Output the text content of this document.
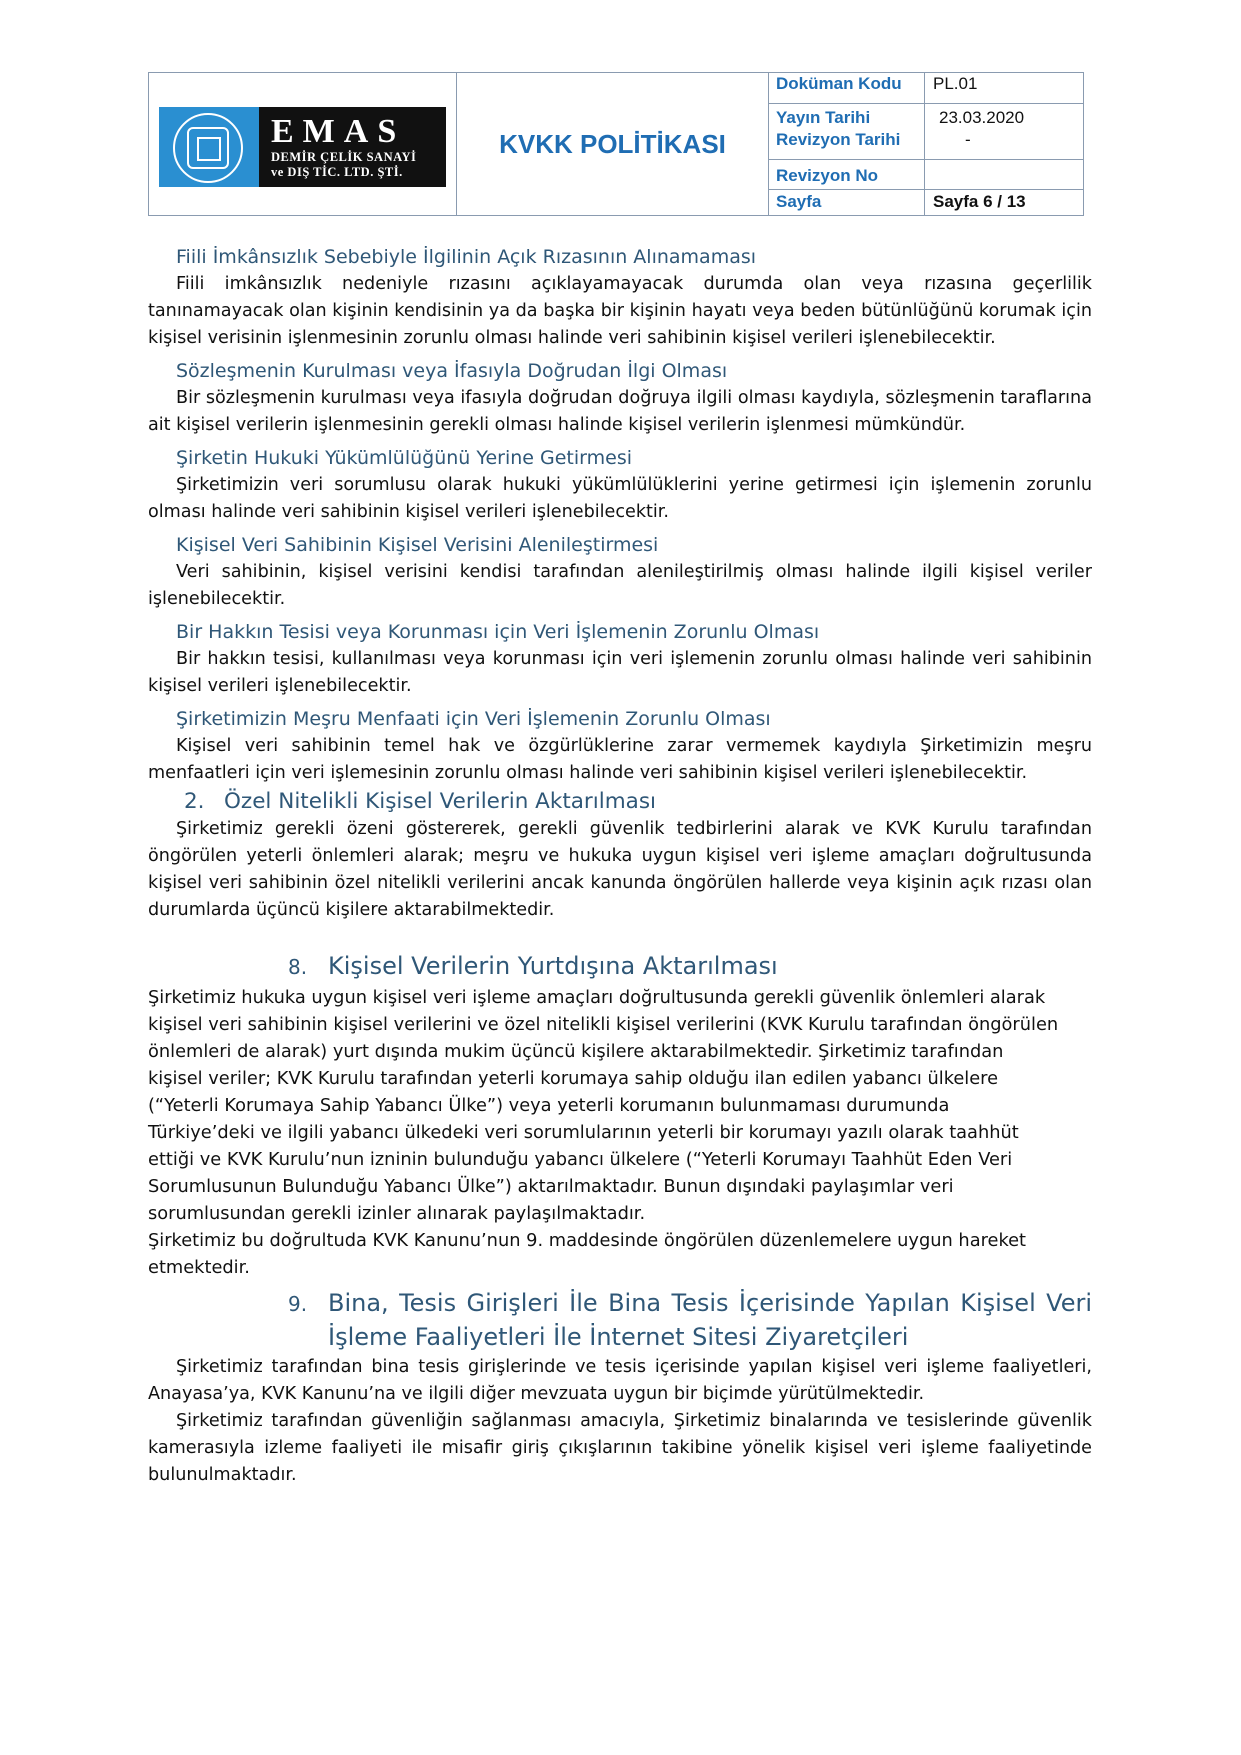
EMAS
DEMİR ÇELİK SANAYİ
ve DIŞ TİC. LTD. ŞTİ.
KVKK POLİTİKASI
Doküman Kodu	PL.01
Yayın Tarihi	23.03.2020
Revizyon Tarihi	-
Revizyon No
Sayfa	Sayfa 6 / 13
Fiili İmkânsızlık Sebebiyle İlgilinin Açık Rızasının Alınamaması

Fiili imkânsızlık nedeniyle rızasını açıklayamayacak durumda olan veya rızasına geçerlilik tanınamayacak olan kişinin kendisinin ya da başka bir kişinin hayatı veya beden bütünlüğünü korumak için kişisel verisinin işlenmesinin zorunlu olması halinde veri sahibinin kişisel verileri işlenebilecektir.

Sözleşmenin Kurulması veya İfasıyla Doğrudan İlgi Olması

Bir sözleşmenin kurulması veya ifasıyla doğrudan doğruya ilgili olması kaydıyla, sözleşmenin taraflarına ait kişisel verilerin işlenmesinin gerekli olması halinde kişisel verilerin işlenmesi mümkündür.

Şirketin Hukuki Yükümlülüğünü Yerine Getirmesi

Şirketimizin veri sorumlusu olarak hukuki yükümlülüklerini yerine getirmesi için işlemenin zorunlu olması halinde veri sahibinin kişisel verileri işlenebilecektir.

Kişisel Veri Sahibinin Kişisel Verisini Alenileştirmesi

Veri sahibinin, kişisel verisini kendisi tarafından alenileştirilmiş olması halinde ilgili kişisel veriler işlenebilecektir.

Bir Hakkın Tesisi veya Korunması için Veri İşlemenin Zorunlu Olması

Bir hakkın tesisi, kullanılması veya korunması için veri işlemenin zorunlu olması halinde veri sahibinin kişisel verileri işlenebilecektir.

Şirketimizin Meşru Menfaati için Veri İşlemenin Zorunlu Olması

Kişisel veri sahibinin temel hak ve özgürlüklerine zarar vermemek kaydıyla Şirketimizin meşru menfaatleri için veri işlemesinin zorunlu olması halinde veri sahibinin kişisel verileri işlenebilecektir.

2. Özel Nitelikli Kişisel Verilerin Aktarılması

Şirketimiz gerekli özeni göstererek, gerekli güvenlik tedbirlerini alarak ve KVK Kurulu tarafından öngörülen yeterli önlemleri alarak; meşru ve hukuka uygun kişisel veri işleme amaçları doğrultusunda kişisel veri sahibinin özel nitelikli verilerini ancak kanunda öngörülen hallerde veya kişinin açık rızası olan durumlarda üçüncü kişilere aktarabilmektedir.

8. Kişisel Verilerin Yurtdışına Aktarılması
Şirketimiz hukuka uygun kişisel veri işleme amaçları doğrultusunda gerekli güvenlik önlemleri alarak
kişisel veri sahibinin kişisel verilerini ve özel nitelikli kişisel verilerini (KVK Kurulu tarafından öngörülen
önlemleri de alarak) yurt dışında mukim üçüncü kişilere aktarabilmektedir. Şirketimiz tarafından
kişisel veriler; KVK Kurulu tarafından yeterli korumaya sahip olduğu ilan edilen yabancı ülkelere
(“Yeterli Korumaya Sahip Yabancı Ülke”) veya yeterli korumanın bulunmaması durumunda
Türkiye’deki ve ilgili yabancı ülkedeki veri sorumlularının yeterli bir korumayı yazılı olarak taahhüt
ettiği ve KVK Kurulu’nun izninin bulunduğu yabancı ülkelere (“Yeterli Korumayı Taahhüt Eden Veri
Sorumlusunun Bulunduğu Yabancı Ülke”) aktarılmaktadır. Bunun dışındaki paylaşımlar veri
sorumlusundan gerekli izinler alınarak paylaşılmaktadır.
Şirketimiz bu doğrultuda KVK Kanunu’nun 9. maddesinde öngörülen düzenlemelere uygun hareket
etmektedir.
9. Bina, Tesis Girişleri İle Bina Tesis İçerisinde Yapılan Kişisel Veri
İşleme Faaliyetleri İle İnternet Sitesi Ziyaretçileri

Şirketimiz tarafından bina tesis girişlerinde ve tesis içerisinde yapılan kişisel veri işleme faaliyetleri, Anayasa’ya, KVK Kanunu’na ve ilgili diğer mevzuata uygun bir biçimde yürütülmektedir.

Şirketimiz tarafından güvenliğin sağlanması amacıyla, Şirketimiz binalarında ve tesislerinde güvenlik kamerasıyla izleme faaliyeti ile misafir giriş çıkışlarının takibine yönelik kişisel veri işleme faaliyetinde bulunulmaktadır.
